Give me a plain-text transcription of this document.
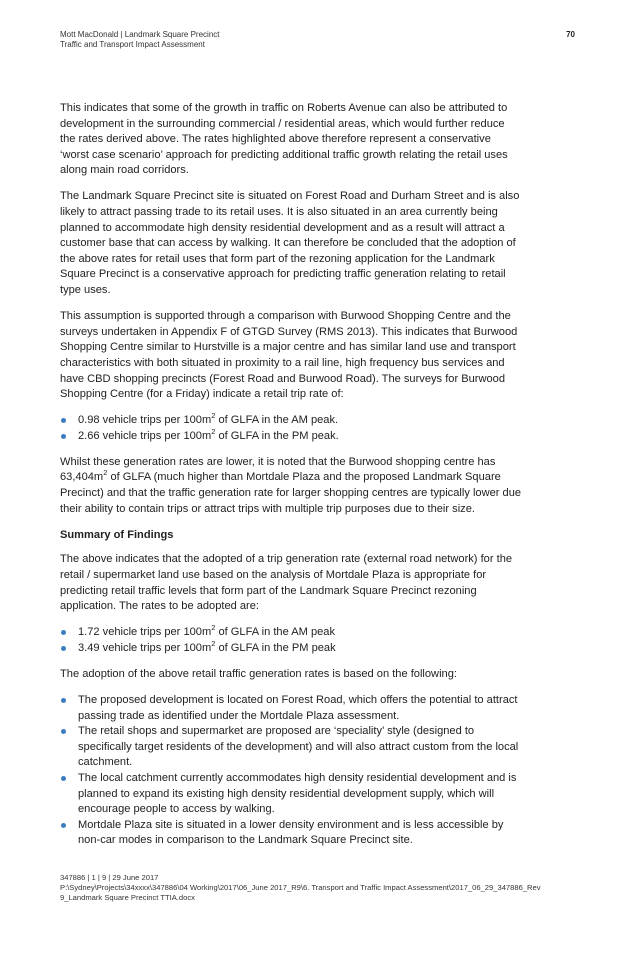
Mott MacDonald | Landmark Square Precinct
Traffic and Transport Impact Assessment
70

This indicates that some of the growth in traffic on Roberts Avenue can also be attributed to development in the surrounding commercial / residential areas, which would further reduce the rates derived above. The rates highlighted above therefore represent a conservative ‘worst case scenario’ approach for predicting additional traffic growth relating the retail uses along main road corridors.

The Landmark Square Precinct site is situated on Forest Road and Durham Street and is also likely to attract passing trade to its retail uses. It is also situated in an area currently being planned to accommodate high density residential development and as a result will attract a customer base that can access by walking. It can therefore be concluded that the adoption of the above rates for retail uses that form part of the rezoning application for the Landmark Square Precinct is a conservative approach for predicting traffic generation relating to retail type uses.

This assumption is supported through a comparison with Burwood Shopping Centre and the surveys undertaken in Appendix F of GTGD Survey (RMS 2013). This indicates that Burwood Shopping Centre similar to Hurstville is a major centre and has similar land use and transport characteristics with both situated in proximity to a rail line, high frequency bus services and have CBD shopping precincts (Forest Road and Burwood Road). The surveys for Burwood Shopping Centre (for a Friday) indicate a retail trip rate of:

0.98 vehicle trips per $100m^2$ of GLFA in the AM peak.
2.66 vehicle trips per $100m^2$ of GLFA in the PM peak.

Whilst these generation rates are lower, it is noted that the Burwood shopping centre has $63,404m^2$ of GLFA (much higher than Mortdale Plaza and the proposed Landmark Square Precinct) and that the traffic generation rate for larger shopping centres are typically lower due their ability to contain trips or attract trips with multiple trip purposes due to their size.

Summary of Findings

The above indicates that the adopted of a trip generation rate (external road network) for the retail / supermarket land use based on the analysis of Mortdale Plaza is appropriate for predicting retail traffic levels that form part of the Landmark Square Precinct rezoning application. The rates to be adopted are:

1.72 vehicle trips per $100m^2$ of GLFA in the AM peak
3.49 vehicle trips per $100m^2$ of GLFA in the PM peak

The adoption of the above retail traffic generation rates is based on the following:

The proposed development is located on Forest Road, which offers the potential to attract passing trade as identified under the Mortdale Plaza assessment.
The retail shops and supermarket are proposed are ‘speciality’ style (designed to specifically target residents of the development) and will also attract custom from the local catchment.
The local catchment currently accommodates high density residential development and is planned to expand its existing high density residential development supply, which will encourage people to access by walking.
Mortdale Plaza site is situated in a lower density environment and is less accessible by non-car modes in comparison to the Landmark Square Precinct site.
347886 | 1 | 9 | 29 June 2017
P:\Sydney\Projects\34xxxx\347886\04 Working\2017\06_June 2017_R9\6. Transport and Traffic Impact Assessment\2017_06_29_347886_Rev 9_Landmark Square Precinct TTIA.docx
